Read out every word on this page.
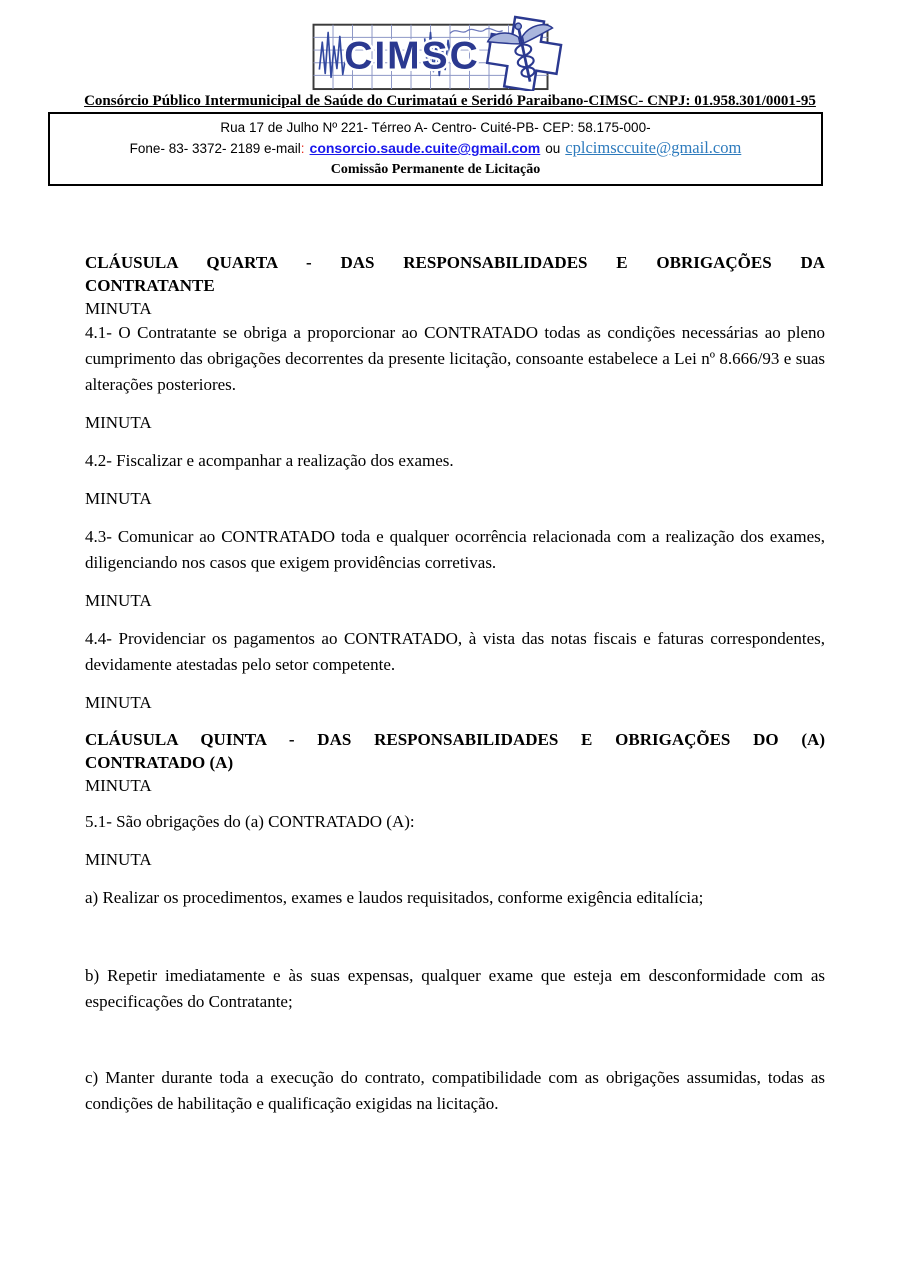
CIMSC
Consórcio Público Intermunicipal de Saúde do Curimataú e Seridó Paraibano-CIMSC- CNPJ: 01.958.301/0001-95
Rua 17 de Julho Nº 221- Térreo A- Centro- Cuité-PB- CEP: 58.175-000-
Fone- 83- 3372- 2189 e-mail: consorcio.saude.cuite@gmail.com ou cplcimsccuite@gmail.com
Comissão Permanente de Licitação

CLÁUSULA QUARTA - DAS RESPONSABILIDADES E OBRIGAÇÕES DA

CONTRATANTE

MINUTA

4.1- O Contratante se obriga a proporcionar ao CONTRATADO todas as condições necessárias ao pleno cumprimento das obrigações decorrentes da presente licitação, consoante estabelece a Lei nº 8.666/93 e suas alterações posteriores.

MINUTA

4.2- Fiscalizar e acompanhar a realização dos exames.

MINUTA

4.3- Comunicar ao CONTRATADO toda e qualquer ocorrência relacionada com a realização dos exames, diligenciando nos casos que exigem providências corretivas.

MINUTA

4.4- Providenciar os pagamentos ao CONTRATADO, à vista das notas fiscais e faturas correspondentes, devidamente atestadas pelo setor competente.

MINUTA

CLÁUSULA QUINTA - DAS RESPONSABILIDADES E OBRIGAÇÕES DO (A)

CONTRATADO (A)

MINUTA

5.1- São obrigações do (a) CONTRATADO (A):

MINUTA

a) Realizar os procedimentos, exames e laudos requisitados, conforme exigência editalícia;

b) Repetir imediatamente e às suas expensas, qualquer exame que esteja em desconformidade com as especificações do Contratante;

c) Manter durante toda a execução do contrato, compatibilidade com as obrigações assumidas, todas as condições de habilitação e qualificação exigidas na licitação.
